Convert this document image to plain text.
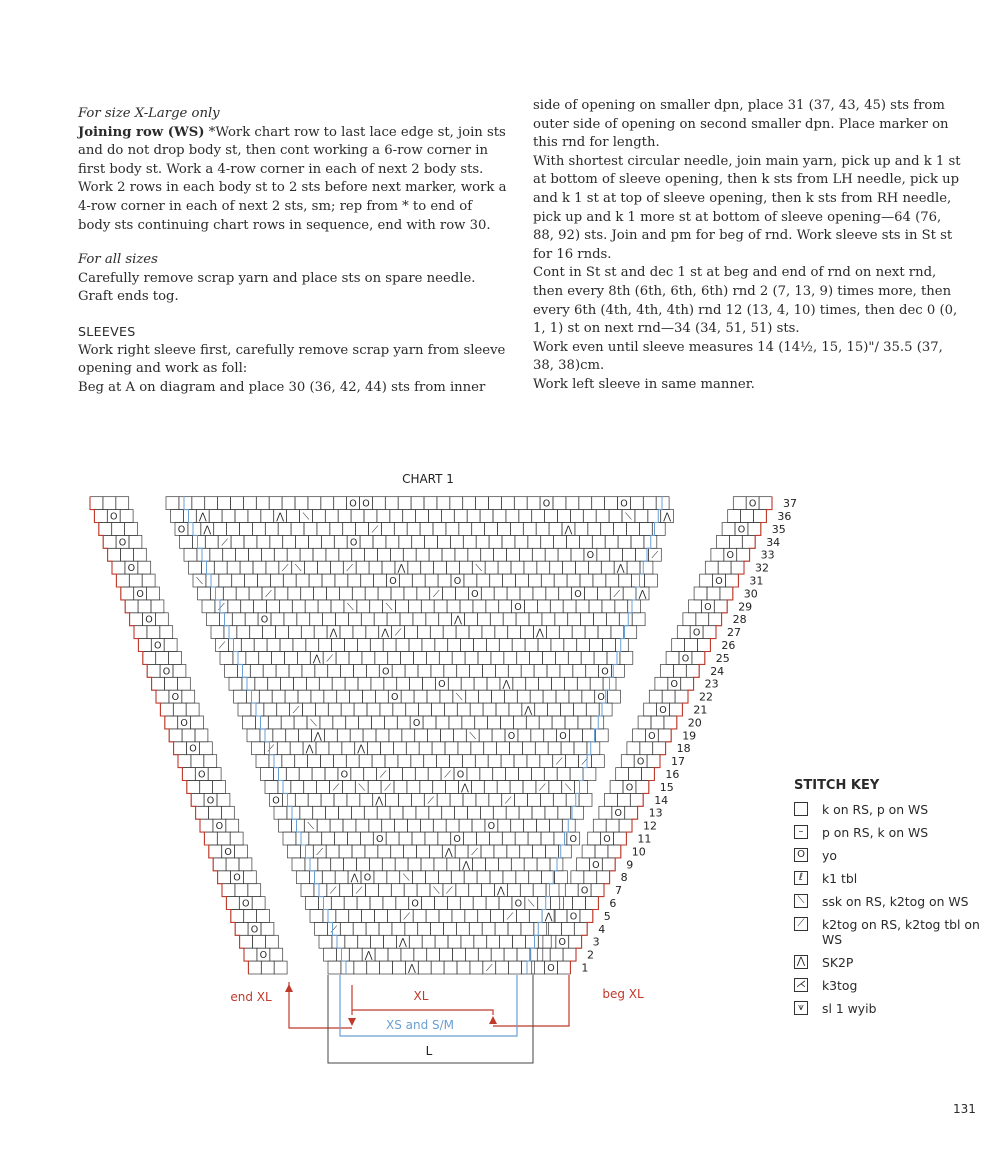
For size X-Large only

Joining row (WS) *Work chart row to last lace edge st, join sts and do not drop body st, then cont working a 6-row corner in first body st. Work a 4-row corner in each of next 2 body sts. Work 2 rows in each body st to 2 sts before next marker, work a 4-row corner in each of next 2 sts, sm; rep from * to end of body sts continuing chart rows in sequence, end with row 30.

For all sizes

Carefully remove scrap yarn and place sts on spare needle. Graft ends tog.

SLEEVES

Work right sleeve first, carefully remove scrap yarn from sleeve opening and work as foll:

Beg at A on diagram and place 30 (36, 42, 44) sts from inner

side of opening on smaller dpn, place 31 (37, 43, 45) sts from outer side of opening on second smaller dpn. Place marker on this rnd for length.

With shortest circular needle, join main yarn, pick up and k 1 st at bottom of sleeve opening, then k sts from LH needle, pick up and k 1 st at top of sleeve opening, then k sts from RH needle, pick up and k 1 more st at bottom of sleeve opening—64 (76, 88, 92) sts. Join and pm for beg of rnd. Work sleeve sts in St st for 16 rnds.

Cont in St st and dec 1 st at beg and end of rnd on next rnd, then every 8th (6th, 6th, 6th) rnd 2 (7, 13, 9) times more, then every 6th (4th, 4th, 4th) rnd 12 (13, 4, 10) times, then dec 0 (0, 1, 1) st on next rnd—34 (34, 51, 51) sts.

Work even until sleeve measures 14 (14½, 15, 15)"/ 35.5 (37, 38, 38)cm.

Work left sleeve in same manner.

CHART 1
⋀	⟋	O
⋀
O
⋀	O
⟋
O
⟋	⟋	⋀ O
O	O ⟍
O
⟋ ⟋	⟍ ⟋	⋀	O
⋀ O	⟍
O
⋀	O
⟋	⋀ ⟋
O
O	O	O	O
⟍	O
O
O
O	⋀	⟋	⟋
O
⟋ ⟍ ⟋	⋀	⟋ ⟍	O
O	⟋	⟋ O
O
⟋ ⟋	O
⟋	⋀	⋀
O
⋀	⟍	O	O	O
⟍	O
O
⟋	⋀	O
O	⟍	O
O
O	⋀	O
O	O
O
⋀ ⟋	O
⟋
O
⋀	⋀ ⟋	⋀	O
O	⋀
O
⟋	⟍	⟍	O	O
⟋	⟋	O	O	⟋ ⋀
O
⟍	O	O	O
⟋ ⟍	⟋	⋀	⟍	⋀
O
O	⟋	O
⟋	O
O
O ⋀	⟋	⋀	O
⋀	⋀ ⟍	⟍	⋀
O
O O	O	O	O
1
2
3
4
5
6
7
8
9
10
11
12
13
14
15
16
17
18
19
20
21
22
23
24
25
26
27
28
29
30
31
32
33
34
35
36
37
end XL	beg XL
XL
XS and S/M
L
STITCH KEY
k on RS, p on WS
–	p on RS, k on WS
O yo
ℓ	k1 tbl
⟍ ssk on RS, k2tog on WS
⟋ k2tog on RS, k2tog tbl on WS
⋀ SK2P
⋌ k3tog
⩛	sl 1 wyib
131
